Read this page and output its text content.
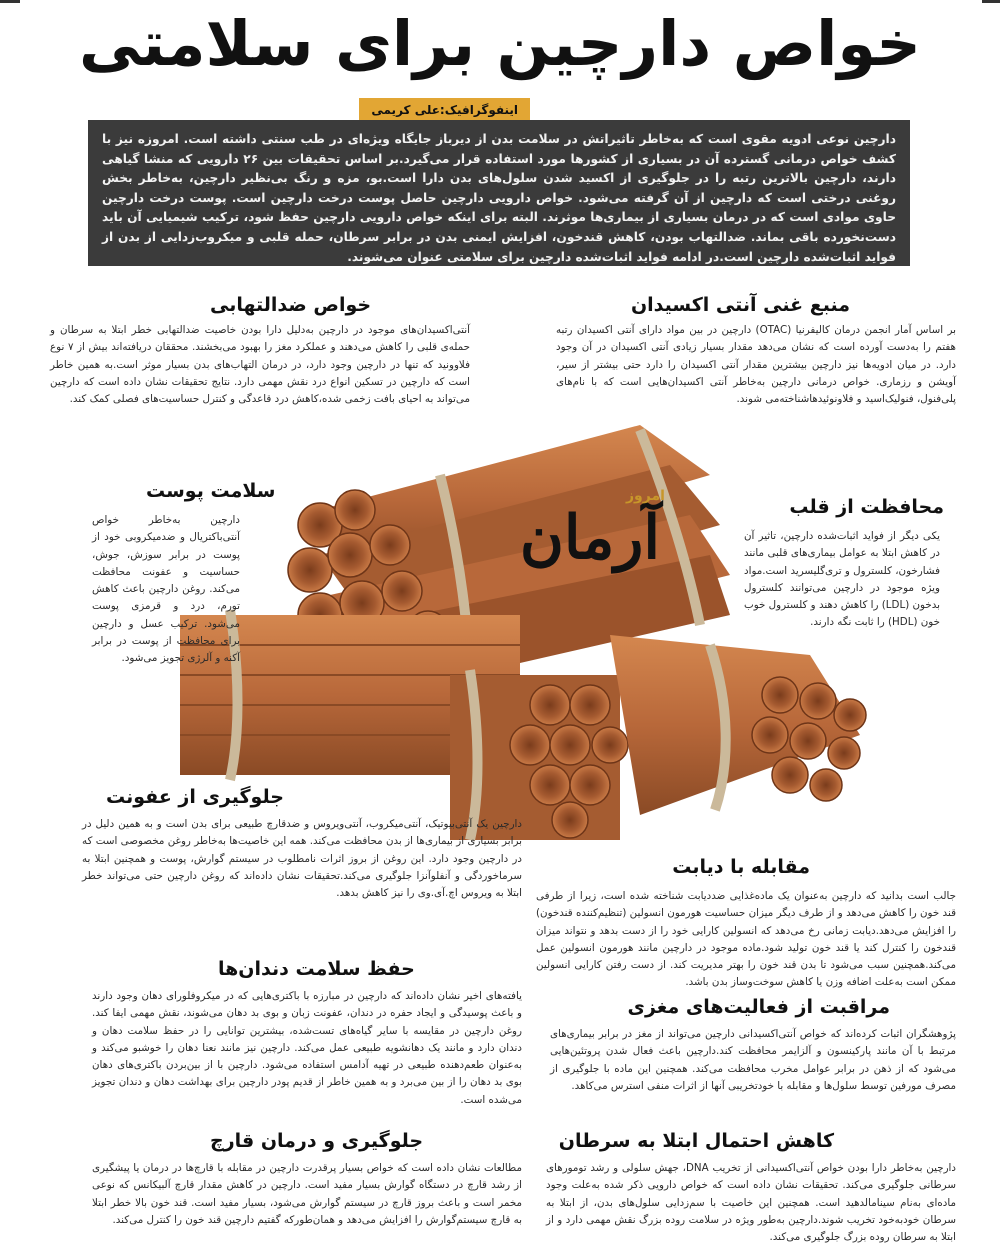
خواص دارچین برای سلامتی
اینفوگرافیک:علی کریمی

دارچین نوعی ادویه مقوی است که به‌خاطر تاثیراتش در سلامت بدن از دیرباز جایگاه ویژه‌ای در طب سنتی داشته است. امروزه نیز با کشف خواص درمانی گسترده آن در بسیاری از کشورها مورد استفاده قرار می‌گیرد.بر اساس تحقیقات بین ۲۶ دارویی که منشا گیاهی دارند، دارچین بالاترین رتبه را در جلوگیری از اکسید شدن سلول‌های بدن دارا است.بو، مزه و رنگ بی‌نظیر دارچین، به‌خاطر بخش روغنی درختی است که دارچین از آن گرفته می‌شود. خواص دارویی دارچین حاصل پوست درخت دارچین است. پوست درخت دارچین حاوی موادی است که در درمان بسیاری از بیماری‌ها موثرند. البته برای اینکه خواص دارویی دارچین حفظ شود، ترکیب شیمیایی آن باید دست‌نخورده باقی بماند. ضدالتهاب بودن، کاهش قندخون، افزایش ایمنی بدن در برابر سرطان، حمله قلبی و میکروب‌زدایی از بدن از فواید اثبات‌شده دارچین است.در ادامه فواید اثبات‌شده دارچین برای سلامتی عنوان می‌شوند.

منبع غنی آنتی اکسیدان
بر اساس آمار انجمن درمان کالیفرنیا (OTAC) دارچین در بین مواد دارای آنتی اکسیدان رتبه هفتم را به‌دست آورده است که نشان می‌دهد مقدار بسیار زیادی آنتی اکسیدان در آن وجود دارد. در میان ادویه‌ها نیز دارچین بیشترین مقدار آنتی اکسیدان را دارد حتی بیشتر از سیر، آویشن و رزماری. خواص درمانی دارچین به‌خاطر آنتی اکسیدان‌هایی است که با نام‌های پلی‌فنول، فنولیک‌اسید و فلاونوئیدهاشناخته‌می شوند.
خواص ضدالتهابی
آنتی‌اکسیدان‌های موجود در دارچین به‌دلیل دارا بودن خاصیت ضدالتهابی خطر ابتلا به سرطان و حمله‌ی قلبی را کاهش می‌دهند و عملکرد مغز را بهبود می‌بخشند. محققان دریافته‌اند بیش از ۷ نوع فلاوونید که تنها در دارچین وجود دارد، در درمان التهاب‌های بدن بسیار موثر است.به همین خاطر است که دارچین در تسکین انواع درد نقش مهمی دارد. نتایج تحقیقات نشان داده است که دارچین می‌تواند به احیای بافت زخمی شده،کاهش درد قاعدگی و کنترل حساسیت‌های فصلی کمک کند.
آرمان
امروز
سلامت پوست
دارچین به‌خاطر خواص آنتی‌باکتریال و ضدمیکروبی خود از پوست در برابر سوزش، جوش، حساسیت و عفونت محافظت می‌کند. روغن دارچین باعث کاهش تورم، درد و قرمزی پوست می‌شود. ترکیب عسل و دارچین برای محافظت از پوست در برابر آکنه و آلرژی تجویز می‌شود.
محافظت از قلب
یکی دیگر از فواید اثبات‌شده دارچین، تاثیر آن در کاهش ابتلا به عوامل بیماری‌های قلبی مانند فشارخون، کلسترول و تری‌گلیسرید است.مواد ویژه موجود در دارچین می‌توانند کلسترول بدخون (LDL) را کاهش دهند و کلسترول خوب خون (HDL) را ثابت نگه دارند.
جلوگیری از عفونت
دارچین یک آنتی‌بیوتیک، آنتی‌میکروب، آنتی‌ویروس و ضدقارچ طبیعی برای بدن است و به همین دلیل در برابر بسیاری از بیماری‌ها از بدن محافظت می‌کند. همه این خاصیت‌ها به‌خاطر روغن مخصوصی است که در دارچین وجود دارد. این روغن از بروز اثرات نامطلوب در سیستم گوارش، پوست و همچنین ابتلا به سرماخوردگی و آنفلوآنزا جلوگیری می‌کند.تحقیقات نشان داده‌اند که روغن دارچین حتی می‌تواند خطر ابتلا به ویروس اچ.آی.وی را نیز کاهش بدهد.
مقابله با دیابت
جالب است بدانید که دارچین به‌عنوان یک ماده‌غذایی ضددیابت شناخته شده است، زیرا از طرفی قند خون را کاهش می‌دهد و از طرف دیگر میزان حساسیت هورمون انسولین (تنظیم‌کننده قندخون) را افزایش می‌دهد.دیابت زمانی رخ می‌دهد که انسولین کارایی خود را از دست بدهد و نتواند میزان قندخون را کنترل کند یا قند خون تولید شود.ماده موجود در دارچین مانند هورمون انسولین عمل می‌کند.همچنین سبب می‌شود تا بدن قند خون را بهتر مدیریت کند. از دست رفتن کارایی انسولین ممکن است به‌علت اضافه وزن یا کاهش سوخت‌وساز بدن باشد.
حفظ سلامت دندان‌ها
یافته‌های اخیر نشان داده‌اند که دارچین در مبارزه با باکتری‌هایی که در میکروفلورای دهان وجود دارند و باعث پوسیدگی و ایجاد حفره در دندان، عفونت زبان و بوی بد دهان می‌شوند، نقش مهمی ایفا کند. روغن دارچین در مقایسه با سایر گیاه‌های تست‌شده، بیشترین توانایی را در حفظ سلامت دهان و دندان دارد و مانند یک دهانشویه طبیعی عمل می‌کند. دارچین نیز مانند نعنا دهان را خوشبو می‌کند و به‌عنوان طعم‌دهنده طبیعی در تهیه آدامس استفاده می‌شود. دارچین با از بین‌بردن باکتری‌های دهان بوی بد دهان را از بین می‌برد و به همین خاطر از قدیم پودر دارچین برای بهداشت دهان و دندان تجویز می‌شده است.
مراقبت از فعالیت‌های مغزی
پژوهشگران اثبات کرده‌اند که خواص آنتی‌اکسیدانی دارچین می‌تواند از مغز در برابر بیماری‌های مرتبط با آن مانند پارکینسون و آلزایمر محافظت کند.دارچین باعث فعال شدن پروتئین‌هایی می‌شود که از ذهن در برابر عوامل مخرب محافظت می‌کند. همچنین این ماده با جلوگیری از مصرف مورفین توسط سلول‌ها و مقابله با خودتخریبی آنها از اثرات منفی استرس می‌کاهد.
جلوگیری و درمان قارچ
مطالعات نشان داده است که خواص بسیار پرقدرت دارچین در مقابله با قارچ‌ها در درمان یا پیشگیری از رشد قارچ در دستگاه گوارش بسیار مفید است. دارچین در کاهش مقدار قارچ آلبیکانس که نوعی مخمر است و باعث بروز قارچ در سیستم گوارش می‌شود، بسیار مفید است. قند خون بالا خطر ابتلا به قارچ سیستم‌گوارش را افزایش می‌دهد و همان‌طورکه گفتیم دارچین قند خون را کنترل می‌کند.
کاهش احتمال ابتلا به سرطان
دارچین به‌خاطر دارا بودن خواص آنتی‌اکسیدانی از تخریب DNA، جهش سلولی و رشد تومورهای سرطانی جلوگیری می‌کند. تحقیقات نشان داده است که خواص دارویی ذکر شده به‌علت وجود ماده‌ای به‌نام سینامالدهید است. همچنین این خاصیت با سم‌زدایی سلول‌های بدن، از ابتلا به سرطان خودبه‌خود تخریب شوند.دارچین به‌طور ویژه در سلامت روده بزرگ نقش مهمی دارد و از ابتلا به سرطان روده بزرگ جلوگیری می‌کند.
